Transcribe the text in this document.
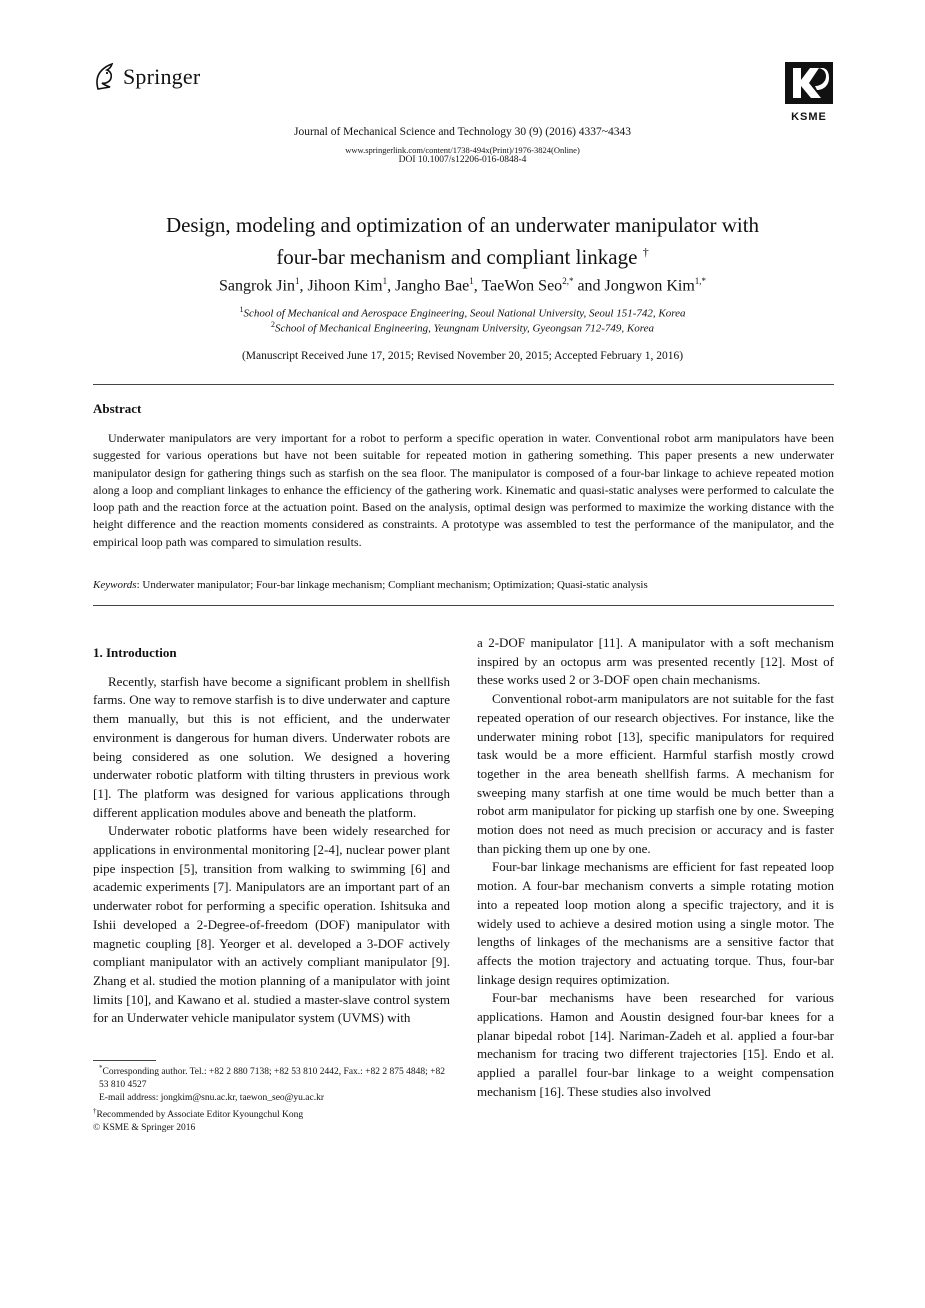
Springer
KSME
Journal of Mechanical Science and Technology 30 (9) (2016) 4337~4343
www.springerlink.com/content/1738-494x(Print)/1976-3824(Online)
DOI 10.1007/s12206-016-0848-4
Design, modeling and optimization of an underwater manipulator with
four-bar mechanism and compliant linkage †
Sangrok Jin$^1$, Jihoon Kim$^1$, Jangho Bae$^1$, TaeWon Seo$^{2,*}$ and Jongwon Kim$^{1,*}$
$^1$School of Mechanical and Aerospace Engineering, Seoul National University, Seoul 151-742, Korea
$^2$School of Mechanical Engineering, Yeungnam University, Gyeongsan 712-749, Korea
(Manuscript Received June 17, 2015; Revised November 20, 2015; Accepted February 1, 2016)
Abstract
Underwater manipulators are very important for a robot to perform a specific operation in water. Conventional robot arm manipulators have been suggested for various operations but have not been suitable for repeated motion in gathering something. This paper presents a new underwater manipulator design for gathering things such as starfish on the sea floor. The manipulator is composed of a four-bar linkage to achieve repeated motion along a loop and compliant linkages to enhance the efficiency of the gathering work. Kinematic and quasi-static analyses were performed to calculate the loop path and the reaction force at the actuation point. Based on the analysis, optimal design was performed to maximize the working distance with the height difference and the reaction moments considered as constraints. A prototype was assembled to test the performance of the manipulator, and the empirical loop path was compared to simulation results.
Keywords: Underwater manipulator; Four-bar linkage mechanism; Compliant mechanism; Optimization; Quasi-static analysis
1. Introduction

Recently, starfish have become a significant problem in shellfish farms. One way to remove starfish is to dive underwater and capture them manually, but this is not efficient, and the underwater environment is dangerous for human divers. Underwater robots are being considered as one solution. We designed a hovering underwater robotic platform with tilting thrusters in previous work [1]. The platform was designed for various applications through different application modules above and beneath the platform.

Underwater robotic platforms have been widely researched for applications in environmental monitoring [2-4], nuclear power plant pipe inspection [5], transition from walking to swimming [6] and academic experiments [7]. Manipulators are an important part of an underwater robot for performing a specific operation. Ishitsuka and Ishii developed a 2-Degree-of-freedom (DOF) manipulator with magnetic coupling [8]. Yeorger et al. developed a 3-DOF actively compliant manipulator with an actively compliant manipulator [9]. Zhang et al. studied the motion planning of a manipulator with joint limits [10], and Kawano et al. studied a master-slave control system for an Underwater vehicle manipulator system (UVMS) with

a 2-DOF manipulator [11]. A manipulator with a soft mechanism inspired by an octopus arm was presented recently [12]. Most of these works used 2 or 3-DOF open chain mechanisms.

Conventional robot-arm manipulators are not suitable for the fast repeated operation of our research objectives. For instance, like the underwater mining robot [13], specific manipulators for required task would be a more efficient. Harmful starfish mostly crowd together in the area beneath shellfish farms. A mechanism for sweeping many starfish at one time would be much better than a robot arm manipulator for picking up starfish one by one. Sweeping motion does not need as much precision or accuracy and is faster than picking them up one by one.

Four-bar linkage mechanisms are efficient for fast repeated loop motion. A four-bar mechanism converts a simple rotating motion into a repeated loop motion along a specific trajectory, and it is widely used to achieve a desired motion using a single motor. The lengths of linkages of the mechanisms are a sensitive factor that affects the motion trajectory and actuating torque. Thus, four-bar linkage design requires optimization.

Four-bar mechanisms have been researched for various applications. Hamon and Aoustin designed four-bar knees for a planar bipedal robot [14]. Nariman-Zadeh et al. applied a four-bar mechanism for tracing two different trajectories [15]. Endo et al. applied a parallel four-bar linkage to a weight compensation mechanism [16]. These studies also involved

*Corresponding author. Tel.: +82 2 880 7138; +82 53 810 2442, Fax.: +82 2 875 4848; +82 53 810 4527
E-mail address: jongkim@snu.ac.kr, taewon_seo@yu.ac.kr
†Recommended by Associate Editor Kyoungchul Kong
© KSME & Springer 2016
